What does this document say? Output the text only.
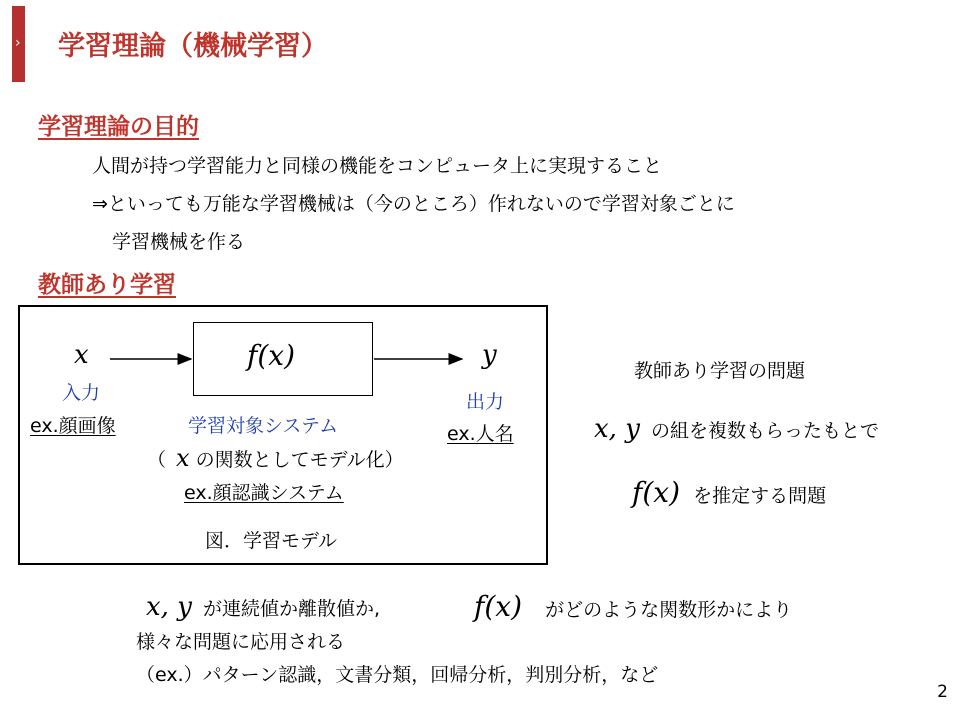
› 学習理論（機械学習）
学習理論の目的
人間が持つ学習能力と同様の機能をコンピュータ上に実現すること
⇒といっても万能な学習機械は（今のところ）作れないので学習対象ごとに
学習機械を作る
教師あり学習
x	f(x)	y
入力
ex.顔画像
出力
ex.人名
学習対象システム
（ x の関数としてモデル化）
ex.顔認識システム
図．学習モデル
教師あり学習の問題
x, y の組を複数もらったもとで
f(x) を推定する問題
x, y が連続値か離散値か,	f(x) がどのような関数形かにより
様々な問題に応用される
（ex.）パターン認識，文書分類，回帰分析，判別分析，など
2
